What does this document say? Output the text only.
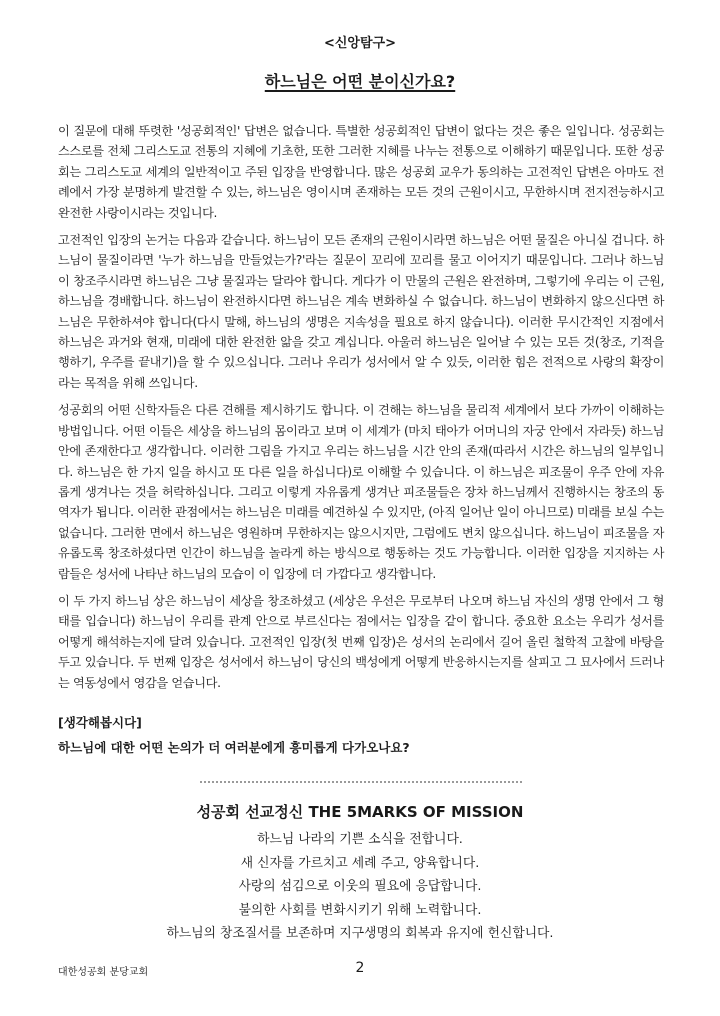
<신앙탐구>
하느님은 어떤 분이신가요?

이 질문에 대해 뚜렷한 '성공회적인' 답변은 없습니다. 특별한 성공회적인 답변이 없다는 것은 좋은 일입니다. 성공회는 스스로를 전체 그리스도교 전통의 지혜에 기초한, 또한 그러한 지혜를 나누는 전통으로 이해하기 때문입니다. 또한 성공회는 그리스도교 세계의 일반적이고 주된 입장을 반영합니다. 많은 성공회 교우가 동의하는 고전적인 답변은 아마도 전례에서 가장 분명하게 발견할 수 있는, 하느님은 영이시며 존재하는 모든 것의 근원이시고, 무한하시며 전지전능하시고 완전한 사랑이시라는 것입니다.

고전적인 입장의 논거는 다음과 같습니다. 하느님이 모든 존재의 근원이시라면 하느님은 어떤 물질은 아니실 겁니다. 하느님이 물질이라면 '누가 하느님을 만들었는가?'라는 질문이 꼬리에 꼬리를 물고 이어지기 때문입니다. 그러나 하느님이 창조주시라면 하느님은 그냥 물질과는 달라야 합니다. 게다가 이 만물의 근원은 완전하며, 그렇기에 우리는 이 근원, 하느님을 경배합니다. 하느님이 완전하시다면 하느님은 계속 변화하실 수 없습니다. 하느님이 변화하지 않으신다면 하느님은 무한하셔야 합니다(다시 말해, 하느님의 생명은 지속성을 필요로 하지 않습니다). 이러한 무시간적인 지점에서 하느님은 과거와 현재, 미래에 대한 완전한 앎을 갖고 계십니다. 아울러 하느님은 일어날 수 있는 모든 것(창조, 기적을 행하기, 우주를 끝내기)을 할 수 있으십니다. 그러나 우리가 성서에서 알 수 있듯, 이러한 힘은 전적으로 사랑의 확장이라는 목적을 위해 쓰입니다.

성공회의 어떤 신학자들은 다른 견해를 제시하기도 합니다. 이 견해는 하느님을 물리적 세계에서 보다 가까이 이해하는 방법입니다. 어떤 이들은 세상을 하느님의 몸이라고 보며 이 세계가 (마치 태아가 어머니의 자궁 안에서 자라듯) 하느님 안에 존재한다고 생각합니다. 이러한 그림을 가지고 우리는 하느님을 시간 안의 존재(따라서 시간은 하느님의 일부입니다. 하느님은 한 가지 일을 하시고 또 다른 일을 하십니다)로 이해할 수 있습니다. 이 하느님은 피조물이 우주 안에 자유롭게 생겨나는 것을 허락하십니다. 그리고 이렇게 자유롭게 생겨난 피조물들은 장차 하느님께서 진행하시는 창조의 동역자가 됩니다. 이러한 관점에서는 하느님은 미래를 예견하실 수 있지만, (아직 일어난 일이 아니므로) 미래를 보실 수는 없습니다. 그러한 면에서 하느님은 영원하며 무한하지는 않으시지만, 그럼에도 변치 않으십니다. 하느님이 피조물을 자유롭도록 창조하셨다면 인간이 하느님을 놀라게 하는 방식으로 행동하는 것도 가능합니다. 이러한 입장을 지지하는 사람들은 성서에 나타난 하느님의 모습이 이 입장에 더 가깝다고 생각합니다.

이 두 가지 하느님 상은 하느님이 세상을 창조하셨고 (세상은 우선은 무로부터 나오며 하느님 자신의 생명 안에서 그 형태를 입습니다) 하느님이 우리를 관계 안으로 부르신다는 점에서는 입장을 같이 합니다. 중요한 요소는 우리가 성서를 어떻게 해석하는지에 달려 있습니다. 고전적인 입장(첫 번째 입장)은 성서의 논리에서 길어 올린 철학적 고찰에 바탕을 두고 있습니다. 두 번째 입장은 성서에서 하느님이 당신의 백성에게 어떻게 반응하시는지를 살피고 그 묘사에서 드러나는 역동성에서 영감을 얻습니다.

[생각해봅시다]
하느님에 대한 어떤 논의가 더 여러분에게 흥미롭게 다가오나요?
성공회 선교정신 THE 5MARKS OF MISSION
하느님 나라의 기쁜 소식을 전합니다.
새 신자를 가르치고 세례 주고, 양육합니다.
사랑의 섬김으로 이웃의 필요에 응답합니다.
불의한 사회를 변화시키기 위해 노력합니다.
하느님의 창조질서를 보존하며 지구생명의 회복과 유지에 헌신합니다.
대한성공회 분당교회	2
